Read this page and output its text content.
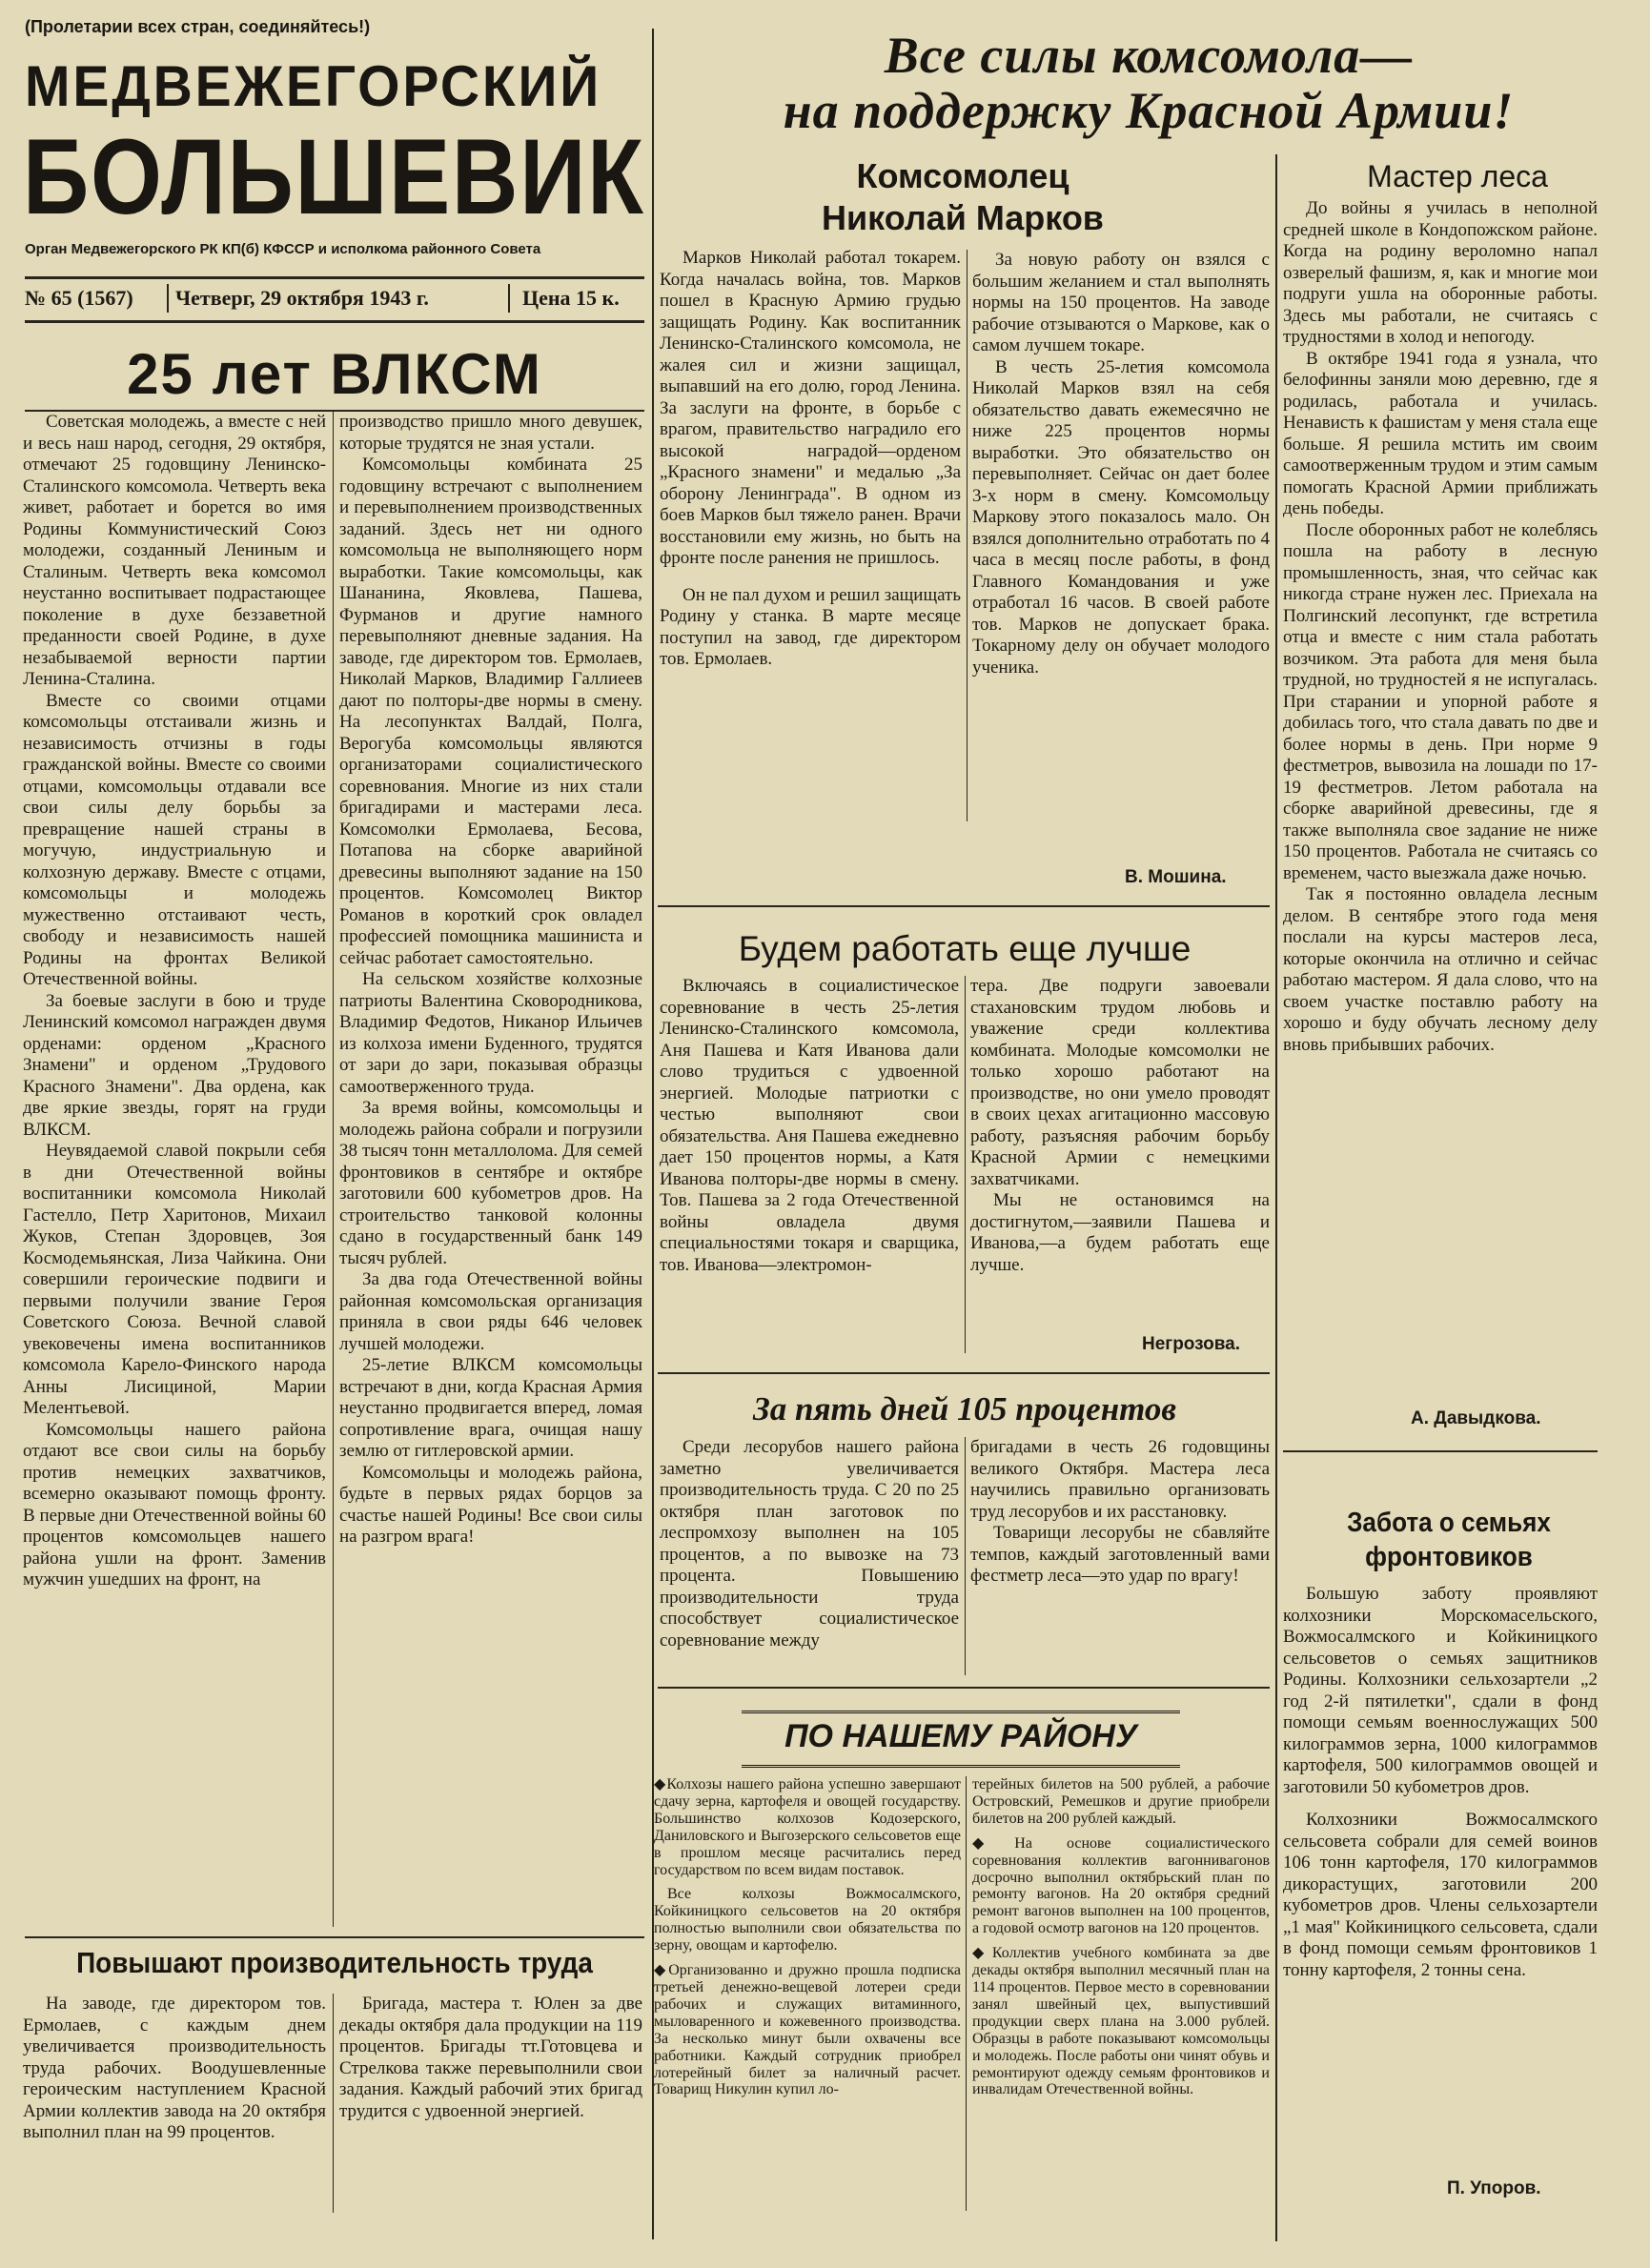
(Пролетарии всех стран, соединяйтесь!)
МЕДВЕЖЕГОРСКИЙ
БОЛЬШЕВИК
Орган Медвежегорского РК КП(б) КФССР и исполкома районного Совета
№ 65 (1567) Четверг, 29 октября 1943 г.	Цена 15 к.
Все силы комсомола—
на поддержку Красной Армии!
25 лет ВЛКСМ

Советская молодежь, а вместе с ней и весь наш народ, сегодня, 29 октября, отмечают 25 годовщину Ленинско-Сталинского комсомола. Четверть века живет, работает и борется во имя Родины Коммунистический Союз молодежи, созданный Лениным и Сталиным. Четверть века комсомол неустанно воспитывает подрастающее поколение в духе беззаветной преданности своей Родине, в духе незабываемой верности партии Ленина-Сталина.

Вместе со своими отцами комсомольцы отстаивали жизнь и независимость отчизны в годы гражданской войны. Вместе со своими отцами, комсомольцы отдавали все свои силы делу борьбы за превращение нашей страны в могучую, индустриальную и колхозную державу. Вместе с отцами, комсомольцы и молодежь мужественно отстаивают честь, свободу и независимость нашей Родины на фронтах Великой Отечественной войны.

За боевые заслуги в бою и труде Ленинский комсомол награжден двумя орденами: орденом „Красного Знамени" и орденом „Трудового Красного Знамени". Два ордена, как две яркие звезды, горят на груди ВЛКСМ.

Неувядаемой славой покрыли себя в дни Отечественной войны воспитанники комсомола Николай Гастелло, Петр Харитонов, Михаил Жуков, Степан Здоровцев, Зоя Космодемьянская, Лиза Чайкина. Они совершили героические подвиги и первыми получили звание Героя Советского Союза. Вечной славой увековечены имена воспитанников комсомола Карело-Финского народа Анны Лисициной, Марии Мелентьевой.

Комсомольцы нашего района отдают все свои силы на борьбу против немецких захватчиков, всемерно оказывают помощь фронту. В первые дни Отечественной войны 60 процентов комсомольцев нашего района ушли на фронт. Заменив мужчин ушедших на фронт, на

производство пришло много девушек, которые трудятся не зная устали.

Комсомольцы комбината 25 годовщину встречают с выполнением и перевыполнением производственных заданий. Здесь нет ни одного комсомольца не выполняющего норм выработки. Такие комсомольцы, как Шананина, Яковлева, Пашева, Фурманов и другие намного перевыполняют дневные задания. На заводе, где директором тов. Ермолаев, Николай Марков, Владимир Галлиеев дают по полторы-две нормы в смену. На лесопунктах Валдай, Полга, Верогуба комсомольцы являются организаторами социалистического соревнования. Многие из них стали бригадирами и мастерами леса. Комсомолки Ермолаева, Бесова, Потапова на сборке аварийной древесины выполняют задание на 150 процентов. Комсомолец Виктор Романов в короткий срок овладел профессией помощника машиниста и сейчас работает самостоятельно.

На сельском хозяйстве колхозные патриоты Валентина Сковородникова, Владимир Федотов, Никанор Ильичев из колхоза имени Буденного, трудятся от зари до зари, показывая образцы самоотверженного труда.

За время войны, комсомольцы и молодежь района собрали и погрузили 38 тысяч тонн металлолома. Для семей фронтовиков в сентябре и октябре заготовили 600 кубометров дров. На строительство танковой колонны сдано в государственный банк 149 тысяч рублей.

За два года Отечественной войны районная комсомольская организация приняла в свои ряды 646 человек лучшей молодежи.

25-летие ВЛКСМ комсомольцы встречают в дни, когда Красная Армия неустанно продвигается вперед, ломая сопротивление врага, очищая нашу землю от гитлеровской армии.

Комсомольцы и молодежь района, будьте в первых рядах борцов за счастье нашей Родины! Все свои силы на разгром врага!

Повышают производительность труда

На заводе, где директором тов. Ермолаев, с каждым днем увеличивается производительность труда рабочих. Воодушевленные героическим наступлением Красной Армии коллектив завода на 20 октября выполнил план на 99 процентов.

Бригада, мастера т. Юлен за две декады октября дала продукции на 119 процентов. Бригады тт.Готовцева и Стрелкова также перевыполнили свои задания. Каждый рабочий этих бригад трудится с удвоенной энергией.

Комсомолец
Николай Марков

Марков Николай работал токарем. Когда началась война, тов. Марков пошел в Красную Армию грудью защищать Родину. Как воспитанник Ленинско-Сталинского комсомола, не жалея сил и жизни защищал, выпавший на его долю, город Ленина. За заслуги на фронте, в борьбе с врагом, правительство наградило его высокой наградой—орденом „Красного знамени" и медалью „За оборону Ленинграда". В одном из боев Марков был тяжело ранен. Врачи восстановили ему жизнь, но быть на фронте после ранения не пришлось.

Он не пал духом и решил защищать Родину у станка. В марте месяце поступил на завод, где директором тов. Ермолаев.

За новую работу он взялся с большим желанием и стал выполнять нормы на 150 процентов. На заводе рабочие отзываются о Маркове, как о самом лучшем токаре.

В честь 25-летия комсомола Николай Марков взял на себя обязательство давать ежемесячно не ниже 225 процентов нормы выработки. Это обязательство он перевыполняет. Сейчас он дает более 3-х норм в смену. Комсомольцу Маркову этого показалось мало. Он взялся дополнительно отработать по 4 часа в месяц после работы, в фонд Главного Командования и уже отработал 16 часов. В своей работе тов. Марков не допускает брака. Токарному делу он обучает молодого ученика.

В. Мошина.
Будем работать еще лучше

Включаясь в социалистическое соревнование в честь 25-летия Ленинско-Сталинского комсомола, Аня Пашева и Катя Иванова дали слово трудиться с удвоенной энергией. Молодые патриотки с честью выполняют свои обязательства. Аня Пашева ежедневно дает 150 процентов нормы, а Катя Иванова полторы-две нормы в смену. Тов. Пашева за 2 года Отечественной войны овладела двумя специальностями токаря и сварщика, тов. Иванова—электромон-

тера. Две подруги завоевали стахановским трудом любовь и уважение среди коллектива комбината. Молодые комсомолки не только хорошо работают на производстве, но они умело проводят в своих цехах агитационно массовую работу, разъясняя рабочим борьбу Красной Армии с немецкими захватчиками.

Мы не остановимся на достигнутом,—заявили Пашева и Иванова,—а будем работать еще лучше.

Негрозова.
За пять дней 105 процентов

Среди лесорубов нашего района заметно увеличивается производительность труда. С 20 по 25 октября план заготовок по леспромхозу выполнен на 105 процентов, а по вывозке на 73 процента. Повышению производительности труда способствует социалистическое соревнование между

бригадами в честь 26 годовщины великого Октября. Мастера леса научились правильно организовать труд лесорубов и их расстановку.

Товарищи лесорубы не сбавляйте темпов, каждый заготовленный вами фестметр леса—это удар по врагу!

ПО НАШЕМУ РАЙОНУ

◆Колхозы нашего района успешно завершают сдачу зерна, картофеля и овощей государству. Большинство колхозов Кодозерского, Даниловского и Выгозерского сельсоветов еще в прошлом месяце расчитались перед государством по всем видам поставок.

Все колхозы Вожмосалмского, Койкиницкого сельсоветов на 20 октября полностью выполнили свои обязательства по зерну, овощам и картофелю.

◆Организованно и дружно прошла подписка третьей денежно-вещевой лотереи среди рабочих и служащих витаминного, мыловаренного и кожевенного производства. За несколько минут были охвачены все работники. Каждый сотрудник приобрел лотерейный билет за наличный расчет. Товарищ Никулин купил ло-

терейных билетов на 500 рублей, а рабочие Островский, Ремешков и другие приобрели билетов на 200 рублей каждый.

◆На основе социалистического соревнования коллектив вагоннивагонов досрочно выполнил октябрьский план по ремонту вагонов. На 20 октября средний ремонт вагонов выполнен на 100 процентов, а годовой осмотр вагонов на 120 процентов.

◆Коллектив учебного комбината за две декады октября выполнил месячный план на 114 процентов. Первое место в соревновании занял швейный цех, выпустивший продукции сверх плана на 3.000 рублей. Образцы в работе показывают комсомольцы и молодежь. После работы они чинят обувь и ремонтируют одежду семьям фронтовиков и инвалидам Отечественной войны.

Мастер леса

До войны я училась в неполной средней школе в Кондопожском районе. Когда на родину вероломно напал озверелый фашизм, я, как и многие мои подруги ушла на оборонные работы. Здесь мы работали, не считаясь с трудностями в холод и непогоду.

В октябре 1941 года я узнала, что белофинны заняли мою деревню, где я родилась, работала и училась. Ненависть к фашистам у меня стала еще больше. Я решила мстить им своим самоотверженным трудом и этим самым помогать Красной Армии приближать день победы.

После оборонных работ не колеблясь пошла на работу в лесную промышленность, зная, что сейчас как никогда стране нужен лес. Приехала на Полгинский лесопункт, где встретила отца и вместе с ним стала работать возчиком. Эта работа для меня была трудной, но трудностей я не испугалась. При старании и упорной работе я добилась того, что стала давать по две и более нормы в день. При норме 9 фестметров, вывозила на лошади по 17-19 фестметров. Летом работала на сборке аварийной древесины, где я также выполняла свое задание не ниже 150 процентов. Работала не считаясь со временем, часто выезжала даже ночью.

Так я постоянно овладела лесным делом. В сентябре этого года меня послали на курсы мастеров леса, которые окончила на отлично и сейчас работаю мастером. Я дала слово, что на своем участке поставлю работу на хорошо и буду обучать лесному делу вновь прибывших рабочих.

А. Давыдкова.
Забота о семьях
фронтовиков

Большую заботу проявляют колхозники Морскомасельского, Вожмосалмского и Койкиницкого сельсоветов о семьях защитников Родины. Колхозники сельхозартели „2 год 2-й пятилетки", сдали в фонд помощи семьям военнослужащих 500 килограммов зерна, 1000 килограммов картофеля, 500 килограммов овощей и заготовили 50 кубометров дров.

Колхозники Вожмосалмского сельсовета собрали для семей воинов 106 тонн картофеля, 170 килограммов дикорастущих, заготовили 200 кубометров дров. Члены сельхозартели „1 мая" Койкиницкого сельсовета, сдали в фонд помощи семьям фронтовиков 1 тонну картофеля, 2 тонны сена.

П. Упоров.
